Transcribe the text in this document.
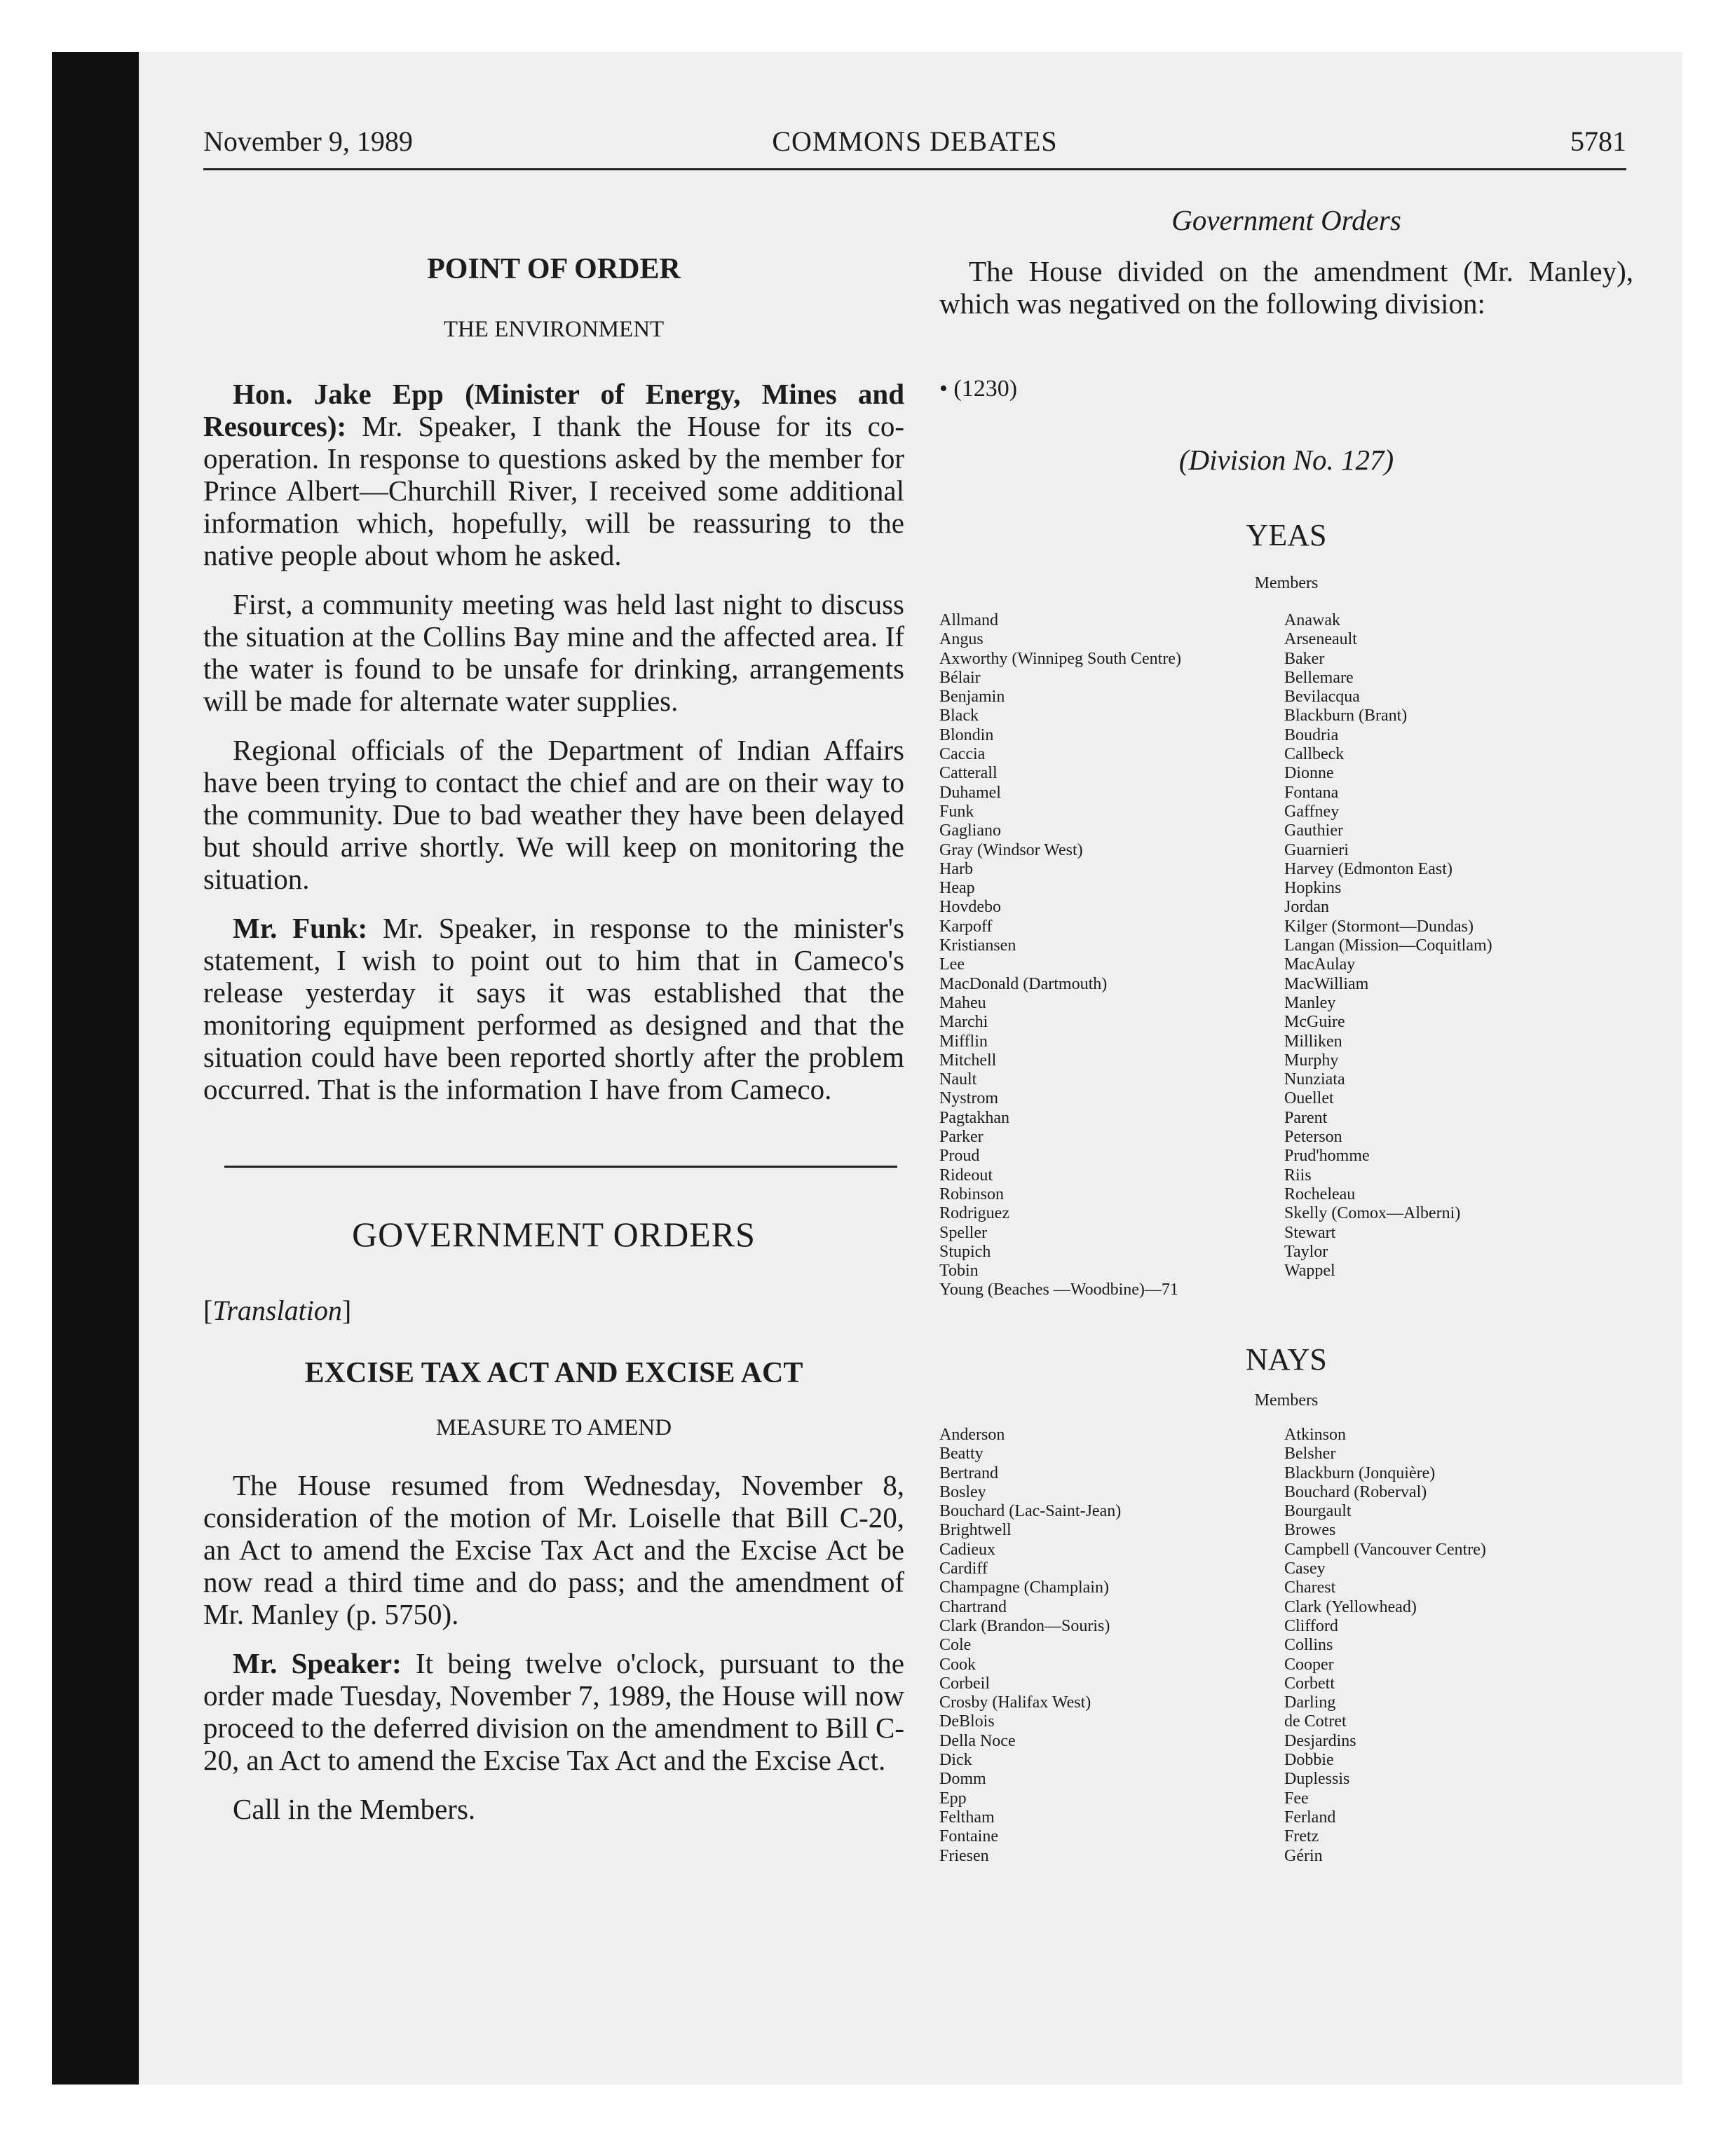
November 9, 1989	COMMONS DEBATES	5781

POINT OF ORDER

THE ENVIRONMENT

Hon. Jake Epp (Minister of Energy, Mines and Resources): Mr. Speaker, I thank the House for its co-operation. In response to questions asked by the member for Prince Albert—Churchill River, I received some additional information which, hopefully, will be reassuring to the native people about whom he asked.

First, a community meeting was held last night to discuss the situation at the Collins Bay mine and the affected area. If the water is found to be unsafe for drinking, arrangements will be made for alternate water supplies.

Regional officials of the Department of Indian Affairs have been trying to contact the chief and are on their way to the community. Due to bad weather they have been delayed but should arrive shortly. We will keep on monitoring the situation.

Mr. Funk: Mr. Speaker, in response to the minister's statement, I wish to point out to him that in Cameco's release yesterday it says it was established that the monitoring equipment performed as designed and that the situation could have been reported shortly after the problem occurred. That is the information I have from Cameco.

GOVERNMENT ORDERS

[Translation]

EXCISE TAX ACT AND EXCISE ACT

MEASURE TO AMEND

The House resumed from Wednesday, November 8, consideration of the motion of Mr. Loiselle that Bill C-20, an Act to amend the Excise Tax Act and the Excise Act be now read a third time and do pass; and the amendment of Mr. Manley (p. 5750).

Mr. Speaker: It being twelve o'clock, pursuant to the order made Tuesday, November 7, 1989, the House will now proceed to the deferred division on the amendment to Bill C-20, an Act to amend the Excise Tax Act and the Excise Act.

Call in the Members.

Government Orders

The House divided on the amendment (Mr. Manley), which was negatived on the following division:

• (1230)

(Division No. 127)

YEAS

Members

Allmand
Angus
Axworthy (Winnipeg South Centre)
Bélair
Benjamin
Black
Blondin
Caccia
Catterall
Duhamel
Funk
Gagliano
Gray (Windsor West)
Harb
Heap
Hovdebo
Karpoff
Kristiansen
Lee
MacDonald (Dartmouth)
Maheu
Marchi
Mifflin
Mitchell
Nault
Nystrom
Pagtakhan
Parker
Proud
Rideout
Robinson
Rodriguez
Speller
Stupich
Tobin
Young (Beaches —Woodbine)—71
Anawak
Arseneault
Baker
Bellemare
Bevilacqua
Blackburn (Brant)
Boudria
Callbeck
Dionne
Fontana
Gaffney
Gauthier
Guarnieri
Harvey (Edmonton East)
Hopkins
Jordan
Kilger (Stormont—Dundas)
Langan (Mission—Coquitlam)
MacAulay
MacWilliam
Manley
McGuire
Milliken
Murphy
Nunziata
Ouellet
Parent
Peterson
Prud'homme
Riis
Rocheleau
Skelly (Comox—Alberni)
Stewart
Taylor
Wappel

NAYS

Members

Anderson
Beatty
Bertrand
Bosley
Bouchard (Lac-Saint-Jean)
Brightwell
Cadieux
Cardiff
Champagne (Champlain)
Chartrand
Clark (Brandon—Souris)
Cole
Cook
Corbeil
Crosby (Halifax West)
DeBlois
Della Noce
Dick
Domm
Epp
Feltham
Fontaine
Friesen
Atkinson
Belsher
Blackburn (Jonquière)
Bouchard (Roberval)
Bourgault
Browes
Campbell (Vancouver Centre)
Casey
Charest
Clark (Yellowhead)
Clifford
Collins
Cooper
Corbett
Darling
de Cotret
Desjardins
Dobbie
Duplessis
Fee
Ferland
Fretz
Gérin
